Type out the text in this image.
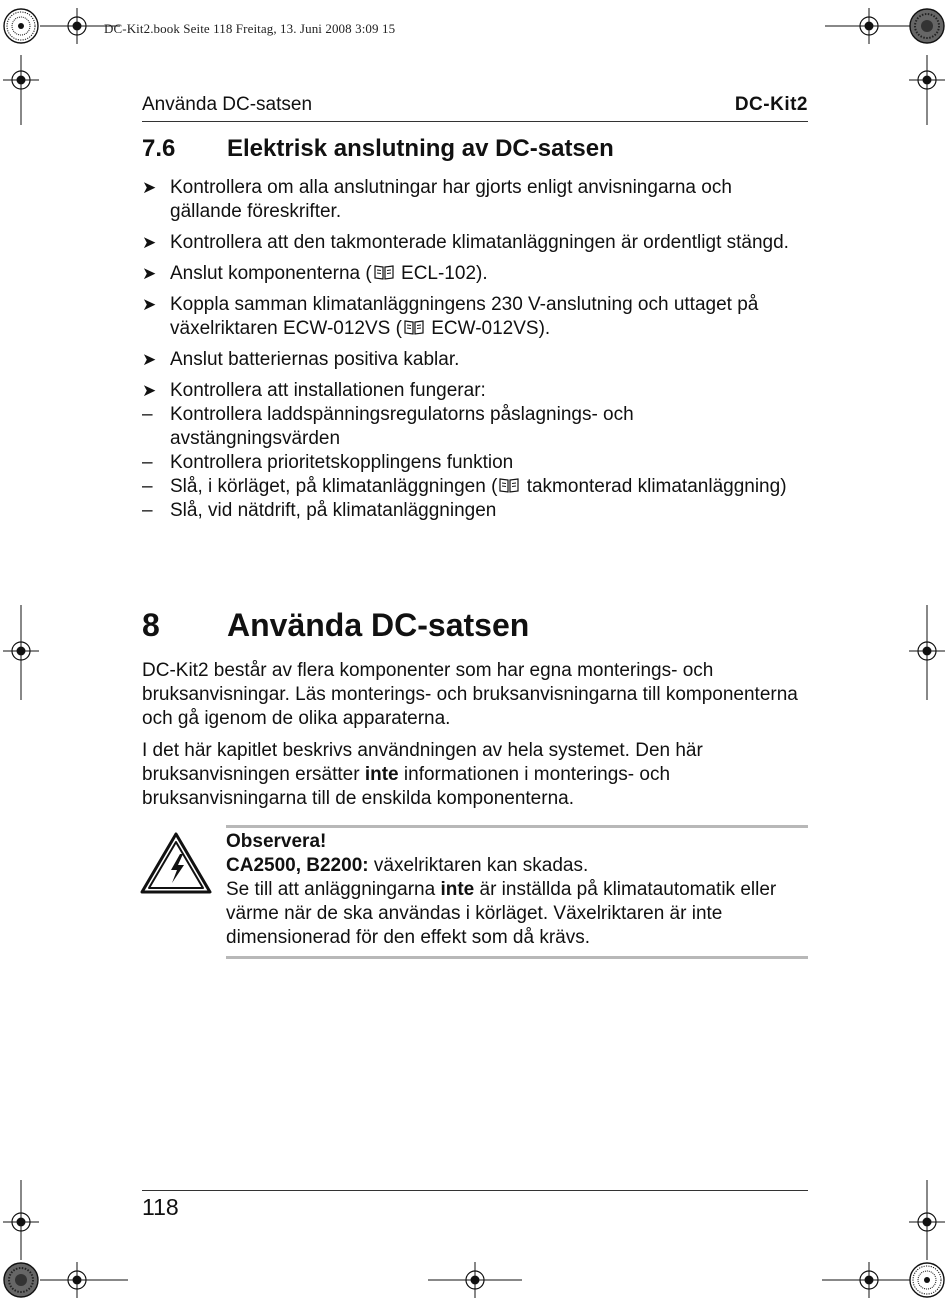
DC-Kit2.book Seite 118 Freitag, 13. Juni 2008 3:09 15
Använda DC-satsen	DC-Kit2
7.6 Elektrisk anslutning av DC-satsen
➤ Kontrollera om alla anslutningar har gjorts enligt anvisningarna och gällande föreskrifter.
➤ Kontrollera att den takmonterade klimatanläggningen är ordentligt stängd.
➤ Anslut komponenterna ( ECL-102).
➤ Koppla samman klimatanläggningens 230 V-anslutning och uttaget på växelriktaren ECW-012VS ( ECW-012VS).
➤ Anslut batteriernas positiva kablar.
➤ Kontrollera att installationen fungerar:
– Kontrollera laddspänningsregulatorns påslagnings- och avstängningsvärden
– Kontrollera prioritetskopplingens funktion
– Slå, i körläget, på klimatanläggningen ( takmonterad klimatanläggning)
– Slå, vid nätdrift, på klimatanläggningen
8 Använda DC-satsen
DC-Kit2 består av flera komponenter som har egna monterings- och bruksanvisningar. Läs monterings- och bruksanvisningarna till komponenterna och gå igenom de olika apparaterna.
I det här kapitlet beskrivs användningen av hela systemet. Den här bruksanvisningen ersätter inte informationen i monterings- och bruksanvisningarna till de enskilda komponenterna.
Observera!
CA2500, B2200: växelriktaren kan skadas.
Se till att anläggningarna inte är inställda på klimatautomatik eller värme när de ska användas i körläget. Växelriktaren är inte dimensionerad för den effekt som då krävs.
118
